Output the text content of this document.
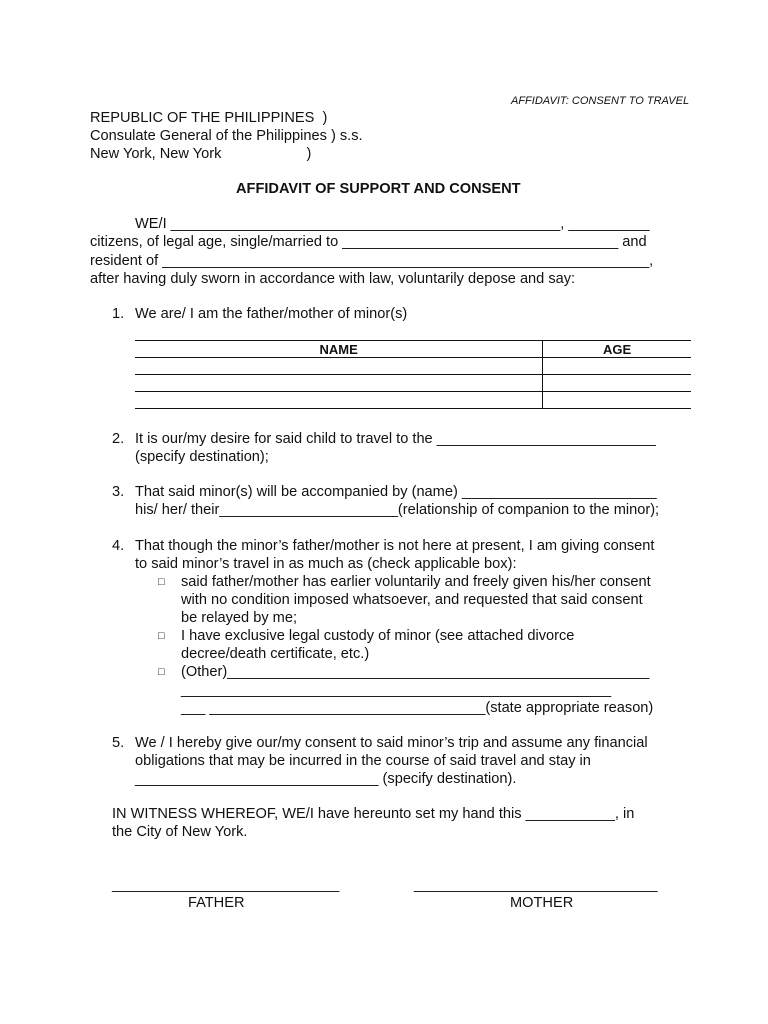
AFFIDAVIT: CONSENT TO TRAVEL
REPUBLIC OF THE PHILIPPINES  )
Consulate General of the Philippines ) s.s.
New York, New York                     )
AFFIDAVIT OF SUPPORT AND CONSENT
WE/I ________________________________________________, __________
citizens, of legal age, single/married to __________________________________ and
resident of ____________________________________________________________,
after having duly sworn in accordance with law, voluntarily depose and say:
1. We are/ I am the father/mother of minor(s)
NAME	AGE

2. It is our/my desire for said child to travel to the ___________________________
(specify destination);
3. That said minor(s) will be accompanied by (name) ________________________
his/ her/ their______________________(relationship of companion to the minor);
4. That though the minor’s father/mother is not here at present, I am giving consent
to said minor’s travel in as much as (check applicable box):
□ said father/mother has earlier voluntarily and freely given his/her consent
with no condition imposed whatsoever, and requested that said consent
be relayed by me;
□ I have exclusive legal custody of minor (see attached divorce
decree/death certificate, etc.)
□ (Other)____________________________________________________
_____________________________________________________
___ __________________________________(state appropriate reason)
5. We / I hereby give our/my consent to said minor’s trip and assume any financial
obligations that may be incurred in the course of said travel and stay in
______________________________ (specify destination).
IN WITNESS WHEREOF, WE/I have hereunto set my hand this ___________, in
the City of New York.
____________________________
FATHER
______________________________
MOTHER
